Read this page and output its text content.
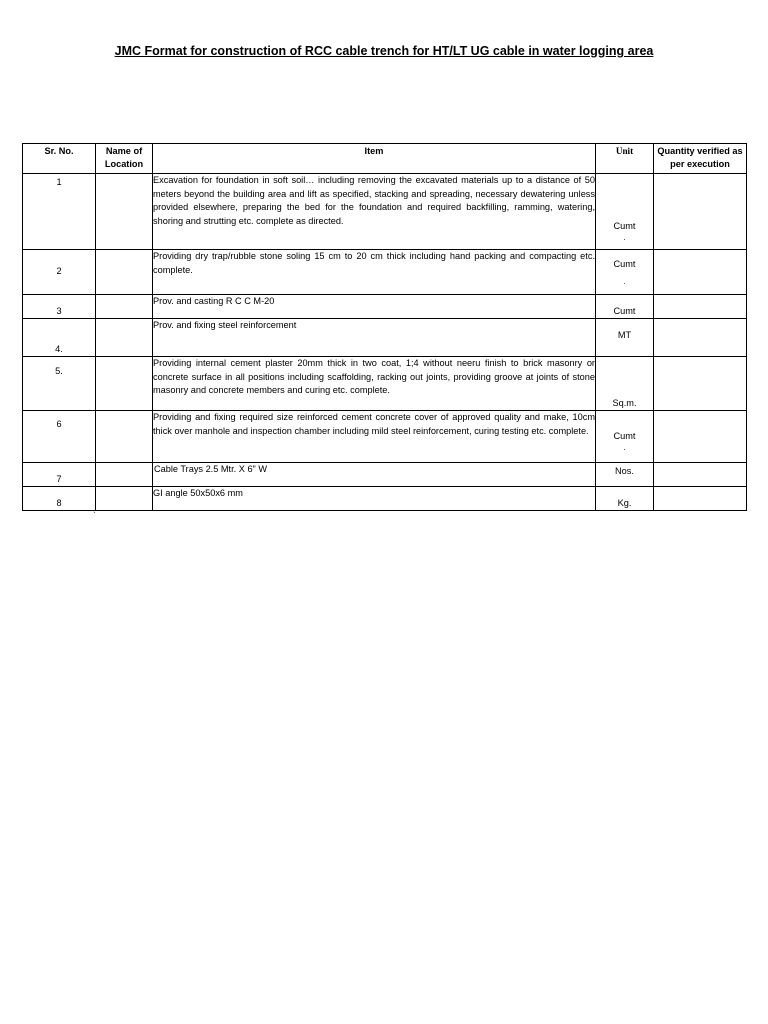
JMC Format for construction of RCC cable trench for HT/LT UG cable in water logging area
Sr. No.	Name of Location	Item	Unit	Quantity verified as per execution
1		Excavation for foundation in soft soil… including removing the excavated materials up to a distance of 50 meters beyond the building area and lift as specified, stacking and spreading, necessary dewatering unless provided elsewhere, preparing the bed for the foundation and required backfilling, ramming, watering, shoring and strutting etc. complete as directed.	Cumt
.	

2		Providing dry trap/rubble stone soling 15 cm to 20 cm thick including hand packing and compacting etc. complete.	Cumt
.	

3		Prov. and casting R C C M-20	Cumt	
4.		Prov. and fixing steel reinforcement	MT	
5.		Providing internal cement plaster 20mm thick in two coat, 1;4 without neeru finish to brick masonry or concrete surface in all positions including scaffolding, racking out joints, providing groove at joints of stone masonry and concrete members and curing etc. complete.	Sq.m.	
6		Providing and fixing required size reinforced cement concrete cover of approved quality and make, 10cm thick over manhole and inspection chamber including mild steel reinforcement, curing testing etc. complete.	Cumt
.	

7		Cable Trays 2.5 Mtr. X 6" W	Nos.	
8		GI angle 50x50x6 mm	Kg.	
`
